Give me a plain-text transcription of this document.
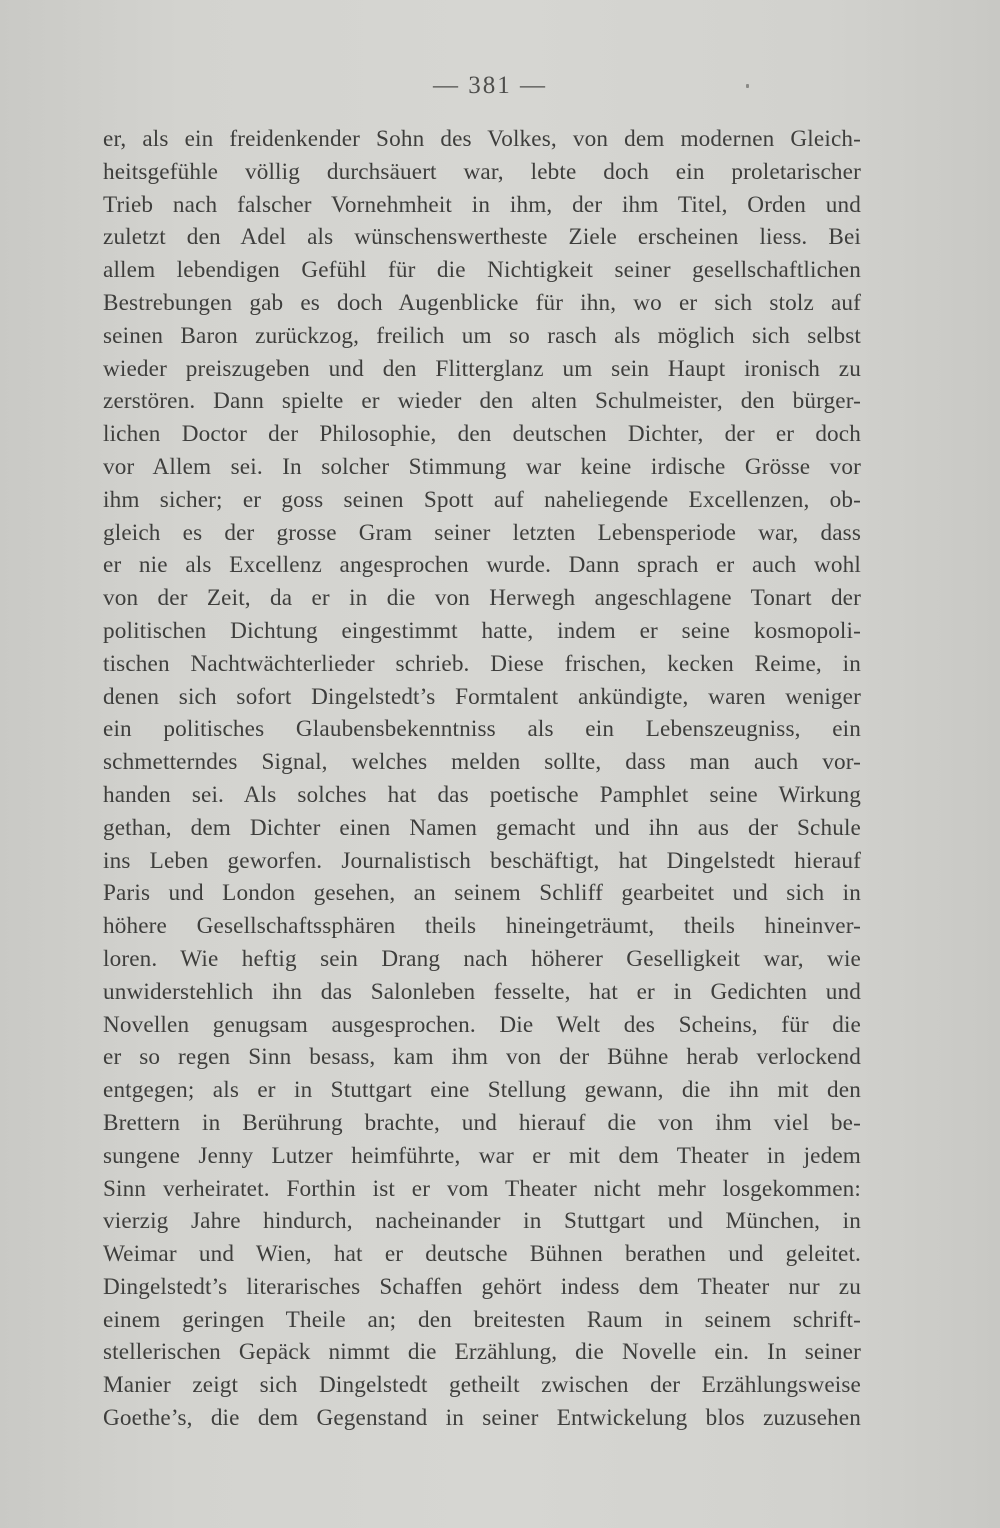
— 381 —
er, als ein freidenkender Sohn des Volkes, von dem modernen Gleich-
heitsgefühle völlig durchsäuert war, lebte doch ein proletarischer
Trieb nach falscher Vornehmheit in ihm, der ihm Titel, Orden und
zuletzt den Adel als wünschenswertheste Ziele erscheinen liess. Bei
allem lebendigen Gefühl für die Nichtigkeit seiner gesellschaftlichen
Bestrebungen gab es doch Augenblicke für ihn, wo er sich stolz auf
seinen Baron zurückzog, freilich um so rasch als möglich sich selbst
wieder preiszugeben und den Flitterglanz um sein Haupt ironisch zu
zerstören. Dann spielte er wieder den alten Schulmeister, den bürger-
lichen Doctor der Philosophie, den deutschen Dichter, der er doch
vor Allem sei. In solcher Stimmung war keine irdische Grösse vor
ihm sicher; er goss seinen Spott auf naheliegende Excellenzen, ob-
gleich es der grosse Gram seiner letzten Lebensperiode war, dass
er nie als Excellenz angesprochen wurde. Dann sprach er auch wohl
von der Zeit, da er in die von Herwegh angeschlagene Tonart der
politischen Dichtung eingestimmt hatte, indem er seine kosmopoli-
tischen Nachtwächterlieder schrieb. Diese frischen, kecken Reime, in
denen sich sofort Dingelstedt’s Formtalent ankündigte, waren weniger
ein politisches Glaubensbekenntniss als ein Lebenszeugniss, ein
schmetterndes Signal, welches melden sollte, dass man auch vor-
handen sei. Als solches hat das poetische Pamphlet seine Wirkung
gethan, dem Dichter einen Namen gemacht und ihn aus der Schule
ins Leben geworfen. Journalistisch beschäftigt, hat Dingelstedt hierauf
Paris und London gesehen, an seinem Schliff gearbeitet und sich in
höhere Gesellschaftssphären theils hineingeträumt, theils hineinver-
loren. Wie heftig sein Drang nach höherer Geselligkeit war, wie
unwiderstehlich ihn das Salonleben fesselte, hat er in Gedichten und
Novellen genugsam ausgesprochen. Die Welt des Scheins, für die
er so regen Sinn besass, kam ihm von der Bühne herab verlockend
entgegen; als er in Stuttgart eine Stellung gewann, die ihn mit den
Brettern in Berührung brachte, und hierauf die von ihm viel be-
sungene Jenny Lutzer heimführte, war er mit dem Theater in jedem
Sinn verheiratet. Forthin ist er vom Theater nicht mehr losgekommen:
vierzig Jahre hindurch, nacheinander in Stuttgart und München, in
Weimar und Wien, hat er deutsche Bühnen berathen und geleitet.
Dingelstedt’s literarisches Schaffen gehört indess dem Theater nur zu
einem geringen Theile an; den breitesten Raum in seinem schrift-
stellerischen Gepäck nimmt die Erzählung, die Novelle ein. In seiner
Manier zeigt sich Dingelstedt getheilt zwischen der Erzählungsweise
Goethe’s, die dem Gegenstand in seiner Entwickelung blos zuzusehen
